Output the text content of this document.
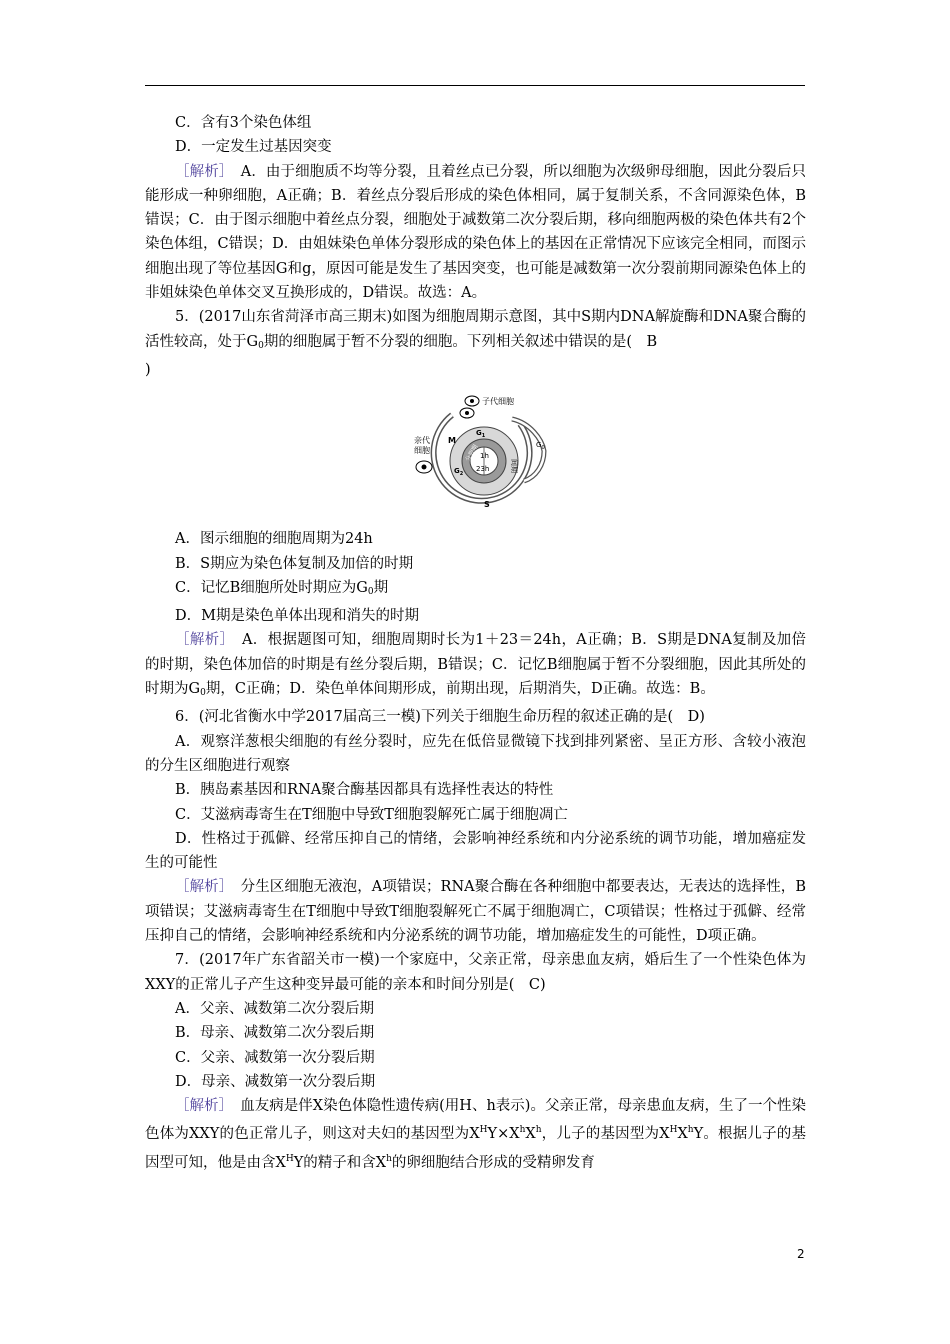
C．含有3个染色体组

D．一定发生过基因突变

［解析］　A．由于细胞质不均等分裂，且着丝点已分裂，所以细胞为次级卵母细胞，因此分裂后只能形成一种卵细胞，A正确；B．着丝点分裂后形成的染色体相同，属于复制关系，不含同源染色体，B错误；C．由于图示细胞中着丝点分裂，细胞处于减数第二次分裂后期，移向细胞两极的染色体共有2个染色体组，C错误；D．由姐妹染色单体分裂形成的染色体上的基因在正常情况下应该完全相同，而图示细胞出现了等位基因G和g，原因可能是发生了基因突变，也可能是减数第一次分裂前期同源染色体上的非姐妹染色单体交叉互换形成的，D错误。故选：A。

5．(2017山东省菏泽市高三期末)如图为细胞周期示意图，其中S期内DNA解旋酶和DNA聚合酶的活性较高，处于$G_0$期的细胞属于暂不分裂的细胞。下列相关叙述中错误的是(　B
)

子代细胞
亲代
细胞
M
$G_1$
$G_2$
S
$G_0$
分裂期
间期
1h
23h

A．图示细胞的细胞周期为24h

B．S期应为染色体复制及加倍的时期

C．记忆B细胞所处时期应为$G_0$期

D．M期是染色单体出现和消失的时期

［解析］　A．根据题图可知，细胞周期时长为1＋23＝24h，A正确；B．S期是DNA复制及加倍的时期，染色体加倍的时期是有丝分裂后期，B错误；C．记忆B细胞属于暂不分裂细胞，因此其所处的时期为$G_0$期，C正确；D．染色单体间期形成，前期出现，后期消失，D正确。故选：B。

6．(河北省衡水中学2017届高三一模)下列关于细胞生命历程的叙述正确的是(　D)

A．观察洋葱根尖细胞的有丝分裂时，应先在低倍显微镜下找到排列紧密、呈正方形、含较小液泡的分生区细胞进行观察

B．胰岛素基因和RNA聚合酶基因都具有选择性表达的特性

C．艾滋病毒寄生在T细胞中导致T细胞裂解死亡属于细胞凋亡

D．性格过于孤僻、经常压抑自己的情绪，会影响神经系统和内分泌系统的调节功能，增加癌症发生的可能性

［解析］　分生区细胞无液泡，A项错误；RNA聚合酶在各种细胞中都要表达，无表达的选择性，B项错误；艾滋病毒寄生在T细胞中导致T细胞裂解死亡不属于细胞凋亡，C项错误；性格过于孤僻、经常压抑自己的情绪，会影响神经系统和内分泌系统的调节功能，增加癌症发生的可能性，D项正确。

7．(2017年广东省韶关市一模)一个家庭中，父亲正常，母亲患血友病，婚后生了一个性染色体为XXY的正常儿子产生这种变异最可能的亲本和时间分别是(　C)

A．父亲、减数第二次分裂后期

B．母亲、减数第二次分裂后期

C．父亲、减数第一次分裂后期

D．母亲、减数第一次分裂后期

［解析］　血友病是伴X染色体隐性遗传病(用H、h表示)。父亲正常，母亲患血友病，生了一个性染色体为XXY的色正常儿子，则这对夫妇的基因型为$X^HY\times X^hX^h$，儿子的基因型为$X^HX^hY$。根据儿子的基因型可知，他是由含$X^HY$的精子和含$X^h$的卵细胞结合形成的受精卵发育

2
